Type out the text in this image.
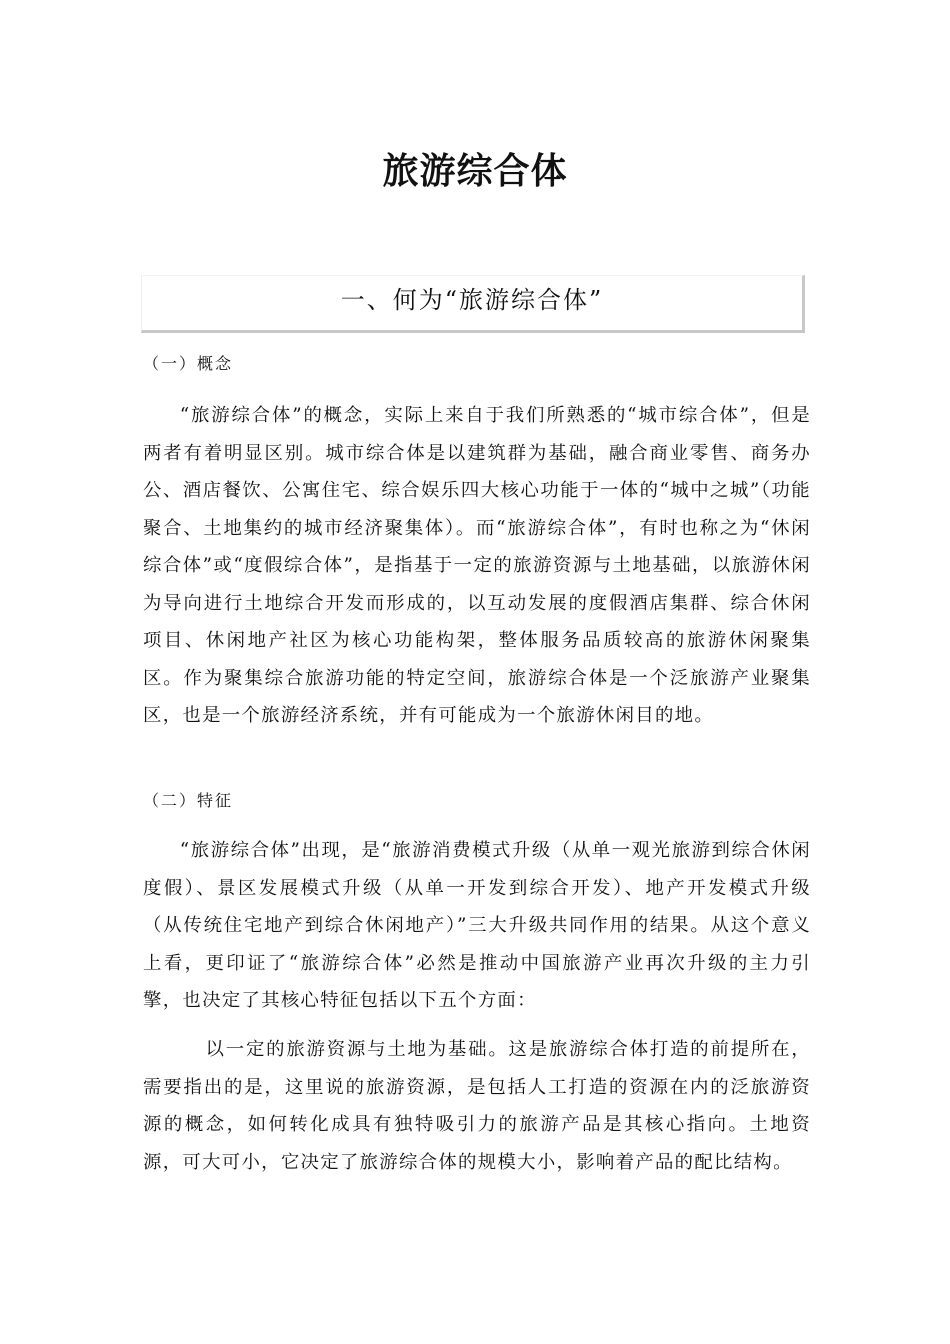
旅游综合体
一、何为“旅游综合体”
（一）概念

“旅游综合体”的概念，实际上来自于我们所熟悉的“城市综合体”，但是两者有着明显区别。城市综合体是以建筑群为基础，融合商业零售、商务办公、酒店餐饮、公寓住宅、综合娱乐四大核心功能于一体的“城中之城”（功能聚合、土地集约的城市经济聚集体）。而“旅游综合体”，有时也称之为“休闲综合体”或“度假综合体”，是指基于一定的旅游资源与土地基础，以旅游休闲为导向进行土地综合开发而形成的，以互动发展的度假酒店集群、综合休闲项目、休闲地产社区为核心功能构架，整体服务品质较高的旅游休闲聚集区。作为聚集综合旅游功能的特定空间，旅游综合体是一个泛旅游产业聚集区，也是一个旅游经济系统，并有可能成为一个旅游休闲目的地。

（二）特征

“旅游综合体”出现，是“旅游消费模式升级（从单一观光旅游到综合休闲度假）、景区发展模式升级（从单一开发到综合开发）、地产开发模式升级（从传统住宅地产到综合休闲地产）”三大升级共同作用的结果。从这个意义上看，更印证了“旅游综合体”必然是推动中国旅游产业再次升级的主力引擎，也决定了其核心特征包括以下五个方面：

以一定的旅游资源与土地为基础。这是旅游综合体打造的前提所在，需要指出的是，这里说的旅游资源，是包括人工打造的资源在内的泛旅游资源的概念，如何转化成具有独特吸引力的旅游产品是其核心指向。土地资源，可大可小，它决定了旅游综合体的规模大小，影响着产品的配比结构。
